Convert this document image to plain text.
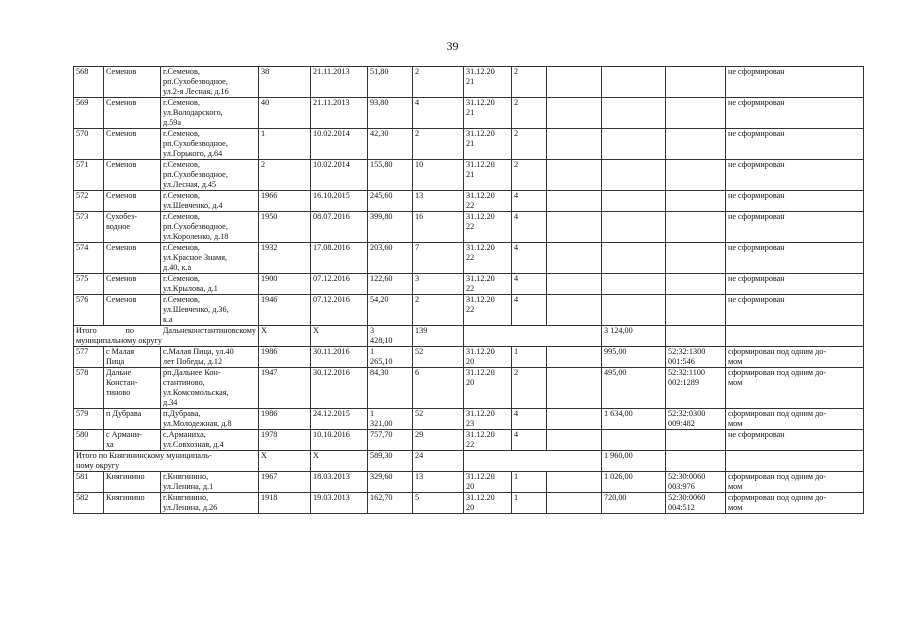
39
568	Семенов	г.Семенов,
рп.Сухобезводное,
ул.2-я Лесная, д.16	38	21.11.2013	51,80	2	31.12.20
21	2				не сформирован
569	Семенов	г.Семенов,
ул.Володарского,
д.59а	40	21.11.2013	93,80	4	31.12.20
21	2				не сформирован
570	Семенов	г.Семенов,
рп.Сухобезводное,
ул.Горького, д.64	1	10.02.2014	42,30	2	31.12.20
21	2				не сформирован
571	Семенов	г.Семенов,
рп.Сухобезводное,
ул.Лесная, д.45	2	10.02.2014	155,80	10	31.12.20
21	2				не сформирован
572	Семенов	г.Семенов,
ул.Шевченко, д.4	1966	16.10.2015	245,60	13	31.12.20
22	4				не сформирован
573	Сухобез-
водное	г.Семенов,
рп.Сухобезводное,
ул.Короленко, д.18	1950	08.07.2016	399,80	16	31.12.20
22	4				не сформирован
574	Семенов	г.Семенов,
ул.Красное Знамя,
д.40, к.а	1932	17.08.2016	203,60	7	31.12.20
22	4				не сформирован
575	Семенов	г.Семенов,
ул.Крылова, д.1	1900	07.12.2016	122,60	3	31.12.20
22	4				не сформирован
576	Семенов	г.Семенов,
ул.Шевченко, д.36,
к.а	1946	07.12.2016	54,20	2	31.12.20
22	4				не сформирован
Итого по Дальнеконстантиновскому муниципальному округу			X	X	3
428,10	139				3 124,00		
577	с Малая
Пица	с.Малая Пица, ул.40
лет Победы, д.12	1986	30.11.2016	1
265,10	52	31.12.20
20	1		995,00	52:32:1300
001:546	сформирован под одним до-
мом
578	Дальне
Констан-
тиново	рп.Дальнее Кон-
стантиново,
ул.Комсомольская,
д.34	1947	30.12.2016	84,30	6	31.12.20
20	2		495,00	52:32:1100
002:1289	сформирован под одним до-
мом
579	п Дубрава	п.Дубрава,
ул.Молодежная, д.8	1986	24.12.2015	1
321,00	52	31.12.20
23	4		1 634,00	52:32:0300
009:482	сформирован под одним до-
мом
580	с Армани-
ха	с.Арманиха,
ул.Совхозная, д.4	1978	10.10.2016	757,70	29	31.12.20
22	4				не сформирован
Итого по Княгининскому муниципаль-
ному округу			X	X	589,30	24				1 960,00		
581	Княгинино	г.Княгинино,
ул.Ленина, д.1	1967	18.03.2013	329,60	13	31.12.20
20	1		1 026,00	52:30:0060
003:976	сформирован под одним до-
мом
582	Княгинино	г.Княгинино,
ул.Ленина, д.26	1918	19.03.2013	162,70	5	31.12.20
20	1		720,00	52:30:0060
004:512	сформирован под одним до-
мом
